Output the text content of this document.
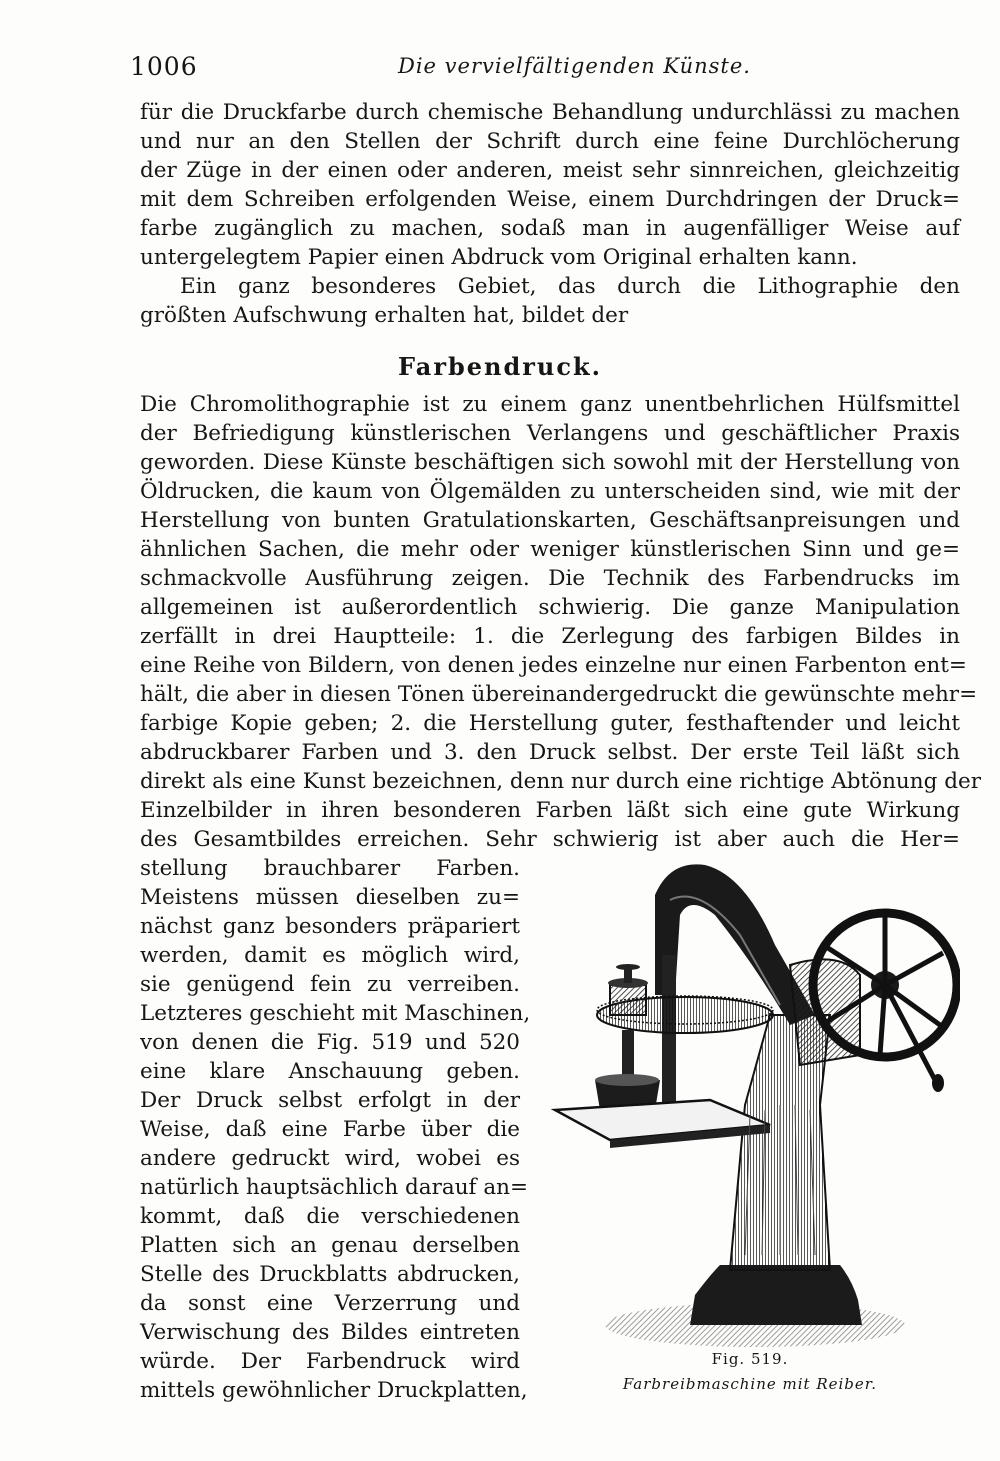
1006	Die vervielfältigenden Künste.
für die Druckfarbe durch chemische Behandlung undurchlässi zu machen
und nur an den Stellen der Schrift durch eine feine Durchlöcherung
der Züge in der einen oder anderen, meist sehr sinnreichen, gleichzeitig
mit dem Schreiben erfolgenden Weise, einem Durchdringen der Druck=
farbe zugänglich zu machen, sodaß man in augenfälliger Weise auf
untergelegtem Papier einen Abdruck vom Original erhalten kann.
Ein ganz besonderes Gebiet, das durch die Lithographie den
größten Aufschwung erhalten hat, bildet der
Farbendruck.
Die Chromolithographie ist zu einem ganz unentbehrlichen Hülfsmittel
der Befriedigung künstlerischen Verlangens und geschäftlicher Praxis
geworden. Diese Künste beschäftigen sich sowohl mit der Herstellung von
Öldrucken, die kaum von Ölgemälden zu unterscheiden sind, wie mit der
Herstellung von bunten Gratulationskarten, Geschäftsanpreisungen und
ähnlichen Sachen, die mehr oder weniger künstlerischen Sinn und ge=
schmackvolle Ausführung zeigen. Die Technik des Farbendrucks im
allgemeinen ist außerordentlich schwierig. Die ganze Manipulation
zerfällt in drei Hauptteile: 1. die Zerlegung des farbigen Bildes in
eine Reihe von Bildern, von denen jedes einzelne nur einen Farbenton ent=
hält, die aber in diesen Tönen übereinandergedruckt die gewünschte mehr=
farbige Kopie geben; 2. die Herstellung guter, festhaftender und leicht
abdruckbarer Farben und 3. den Druck selbst. Der erste Teil läßt sich
direkt als eine Kunst bezeichnen, denn nur durch eine richtige Abtönung der
Einzelbilder in ihren besonderen Farben läßt sich eine gute Wirkung
des Gesamtbildes erreichen. Sehr schwierig ist aber auch die Her=
stellung brauchbarer Farben.
Meistens müssen dieselben zu=
nächst ganz besonders präpariert
werden, damit es möglich wird,
sie genügend fein zu verreiben.
Letzteres geschieht mit Maschinen,
von denen die Fig. 519 und 520
eine klare Anschauung geben.
Der Druck selbst erfolgt in der
Weise, daß eine Farbe über die
andere gedruckt wird, wobei es
natürlich hauptsächlich darauf an=
kommt, daß die verschiedenen
Platten sich an genau derselben
Stelle des Druckblatts abdrucken,
da sonst eine Verzerrung und
Verwischung des Bildes eintreten
würde. Der Farbendruck wird
mittels gewöhnlicher Druckplatten,
Fig. 519.
Farbreibmaschine mit Reiber.
